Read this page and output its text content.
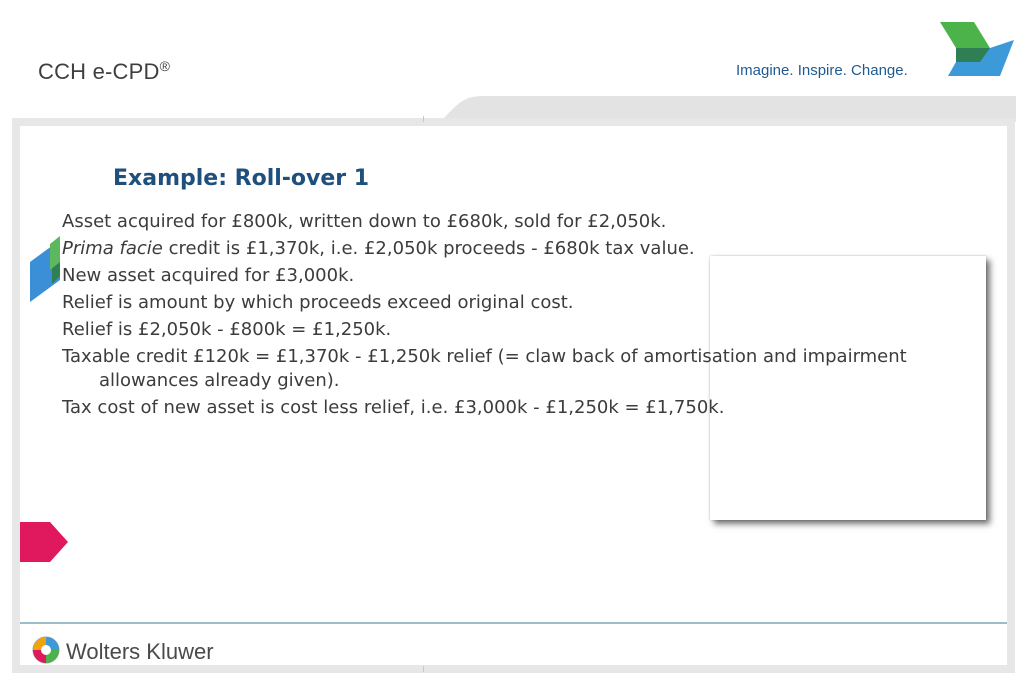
CCH e-CPD®	Imagine. Inspire. Change.
Example: Roll-over 1

Asset acquired for £800k, written down to £680k, sold for £2,050k.

Prima facie credit is £1,370k, i.e. £2,050k proceeds - £680k tax value.

New asset acquired for £3,000k.

Relief is amount by which proceeds exceed original cost.

Relief is £2,050k - £800k = £1,250k.

Taxable credit £120k = £1,370k - £1,250k relief (= claw back of amortisation and impairment allowances already given).

Tax cost of new asset is cost less relief, i.e. £3,000k - £1,250k = £1,750k.

Wolters Kluwer
